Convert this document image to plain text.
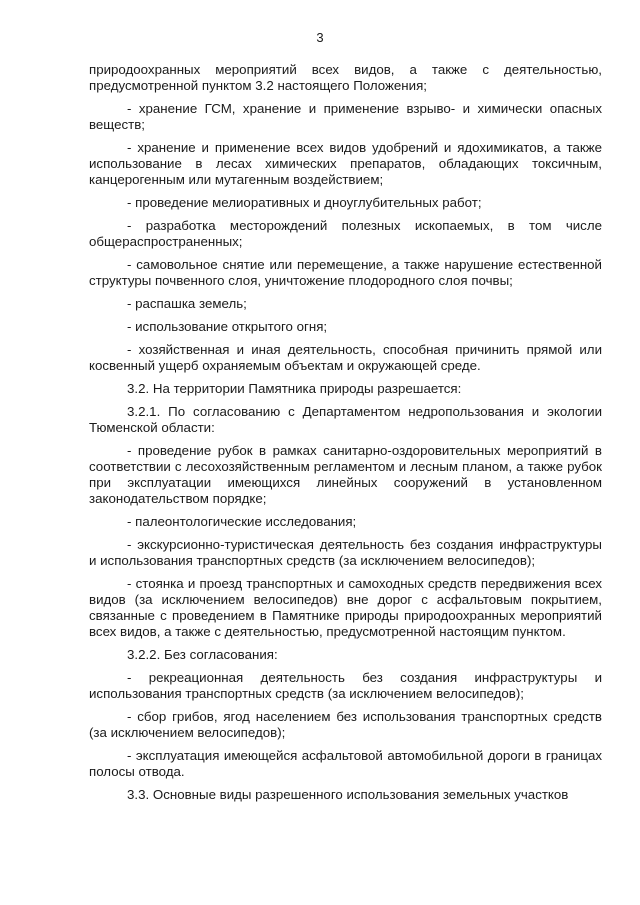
3

природоохранных мероприятий всех видов, а также с деятельностью, предусмотренной пунктом 3.2 настоящего Положения;

- хранение ГСМ, хранение и применение взрыво- и химически опасных веществ;

- хранение и применение всех видов удобрений и ядохимикатов, а также использование в лесах химических препаратов, обладающих токсичным, канцерогенным или мутагенным воздействием;

- проведение мелиоративных и дноуглубительных работ;

- разработка месторождений полезных ископаемых, в том числе общераспространенных;

- самовольное снятие или перемещение, а также нарушение естественной структуры почвенного слоя, уничтожение плодородного слоя почвы;

- распашка земель;

- использование открытого огня;

- хозяйственная и иная деятельность, способная причинить прямой или косвенный ущерб охраняемым объектам и окружающей среде.

3.2. На территории Памятника природы разрешается:

3.2.1. По согласованию с Департаментом недропользования и экологии Тюменской области:

- проведение рубок в рамках санитарно-оздоровительных мероприятий в соответствии с лесохозяйственным регламентом и лесным планом, а также рубок при эксплуатации имеющихся линейных сооружений в установленном законодательством порядке;

- палеонтологические исследования;

- экскурсионно-туристическая деятельность без создания инфраструктуры и использования транспортных средств (за исключением велосипедов);

- стоянка и проезд транспортных и самоходных средств передвижения всех видов (за исключением велосипедов) вне дорог с асфальтовым покрытием, связанные с проведением в Памятнике природы природоохранных мероприятий всех видов, а также с деятельностью, предусмотренной настоящим пунктом.

3.2.2. Без согласования:

- рекреационная деятельность без создания инфраструктуры и использования транспортных средств (за исключением велосипедов);

- сбор грибов, ягод населением без использования транспортных средств (за исключением велосипедов);

- эксплуатация имеющейся асфальтовой автомобильной дороги в границах полосы отвода.

3.3. Основные виды разрешенного использования земельных участков
